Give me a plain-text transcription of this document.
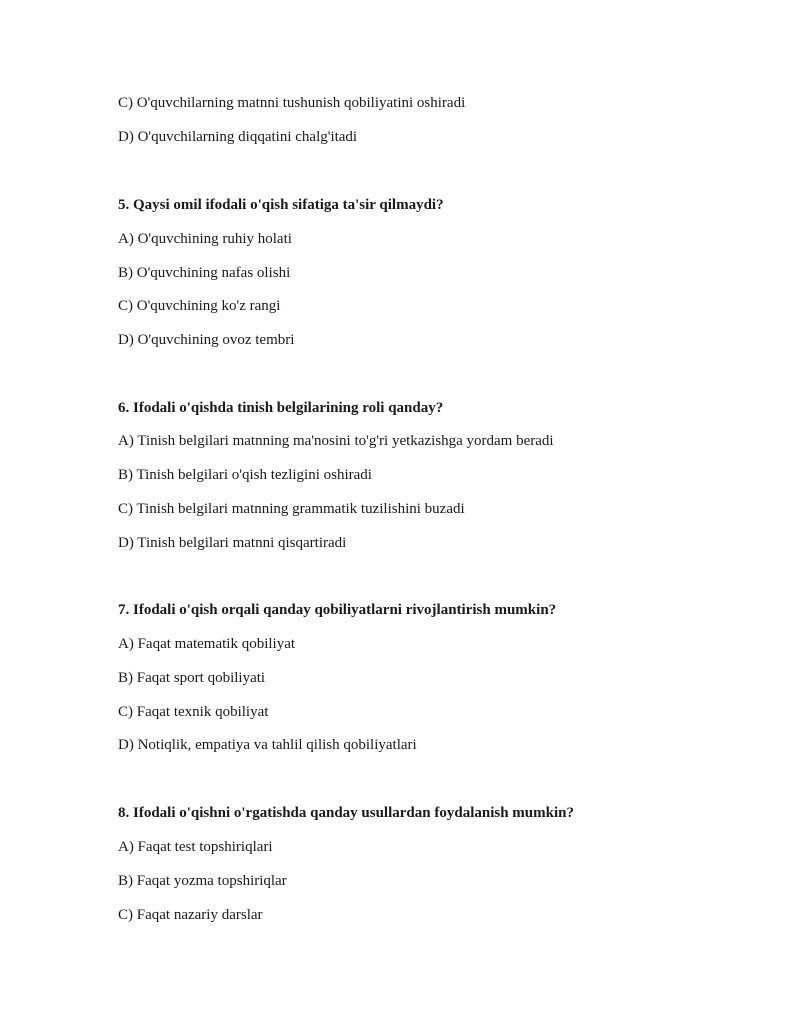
C) O'quvchilarning matnni tushunish qobiliyatini oshiradi
D) O'quvchilarning diqqatini chalg'itadi
5. Qaysi omil ifodali o'qish sifatiga ta'sir qilmaydi?
A) O'quvchining ruhiy holati
B) O'quvchining nafas olishi
C) O'quvchining ko'z rangi
D) O'quvchining ovoz tembri
6. Ifodali o'qishda tinish belgilarining roli qanday?
A) Tinish belgilari matnning ma'nosini to'g'ri yetkazishga yordam beradi
B) Tinish belgilari o'qish tezligini oshiradi
C) Tinish belgilari matnning grammatik tuzilishini buzadi
D) Tinish belgilari matnni qisqartiradi
7. Ifodali o'qish orqali qanday qobiliyatlarni rivojlantirish mumkin?
A) Faqat matematik qobiliyat
B) Faqat sport qobiliyati
C) Faqat texnik qobiliyat
D) Notiqlik, empatiya va tahlil qilish qobiliyatlari
8. Ifodali o'qishni o'rgatishda qanday usullardan foydalanish mumkin?
A) Faqat test topshiriqlari
B) Faqat yozma topshiriqlar
C) Faqat nazariy darslar
